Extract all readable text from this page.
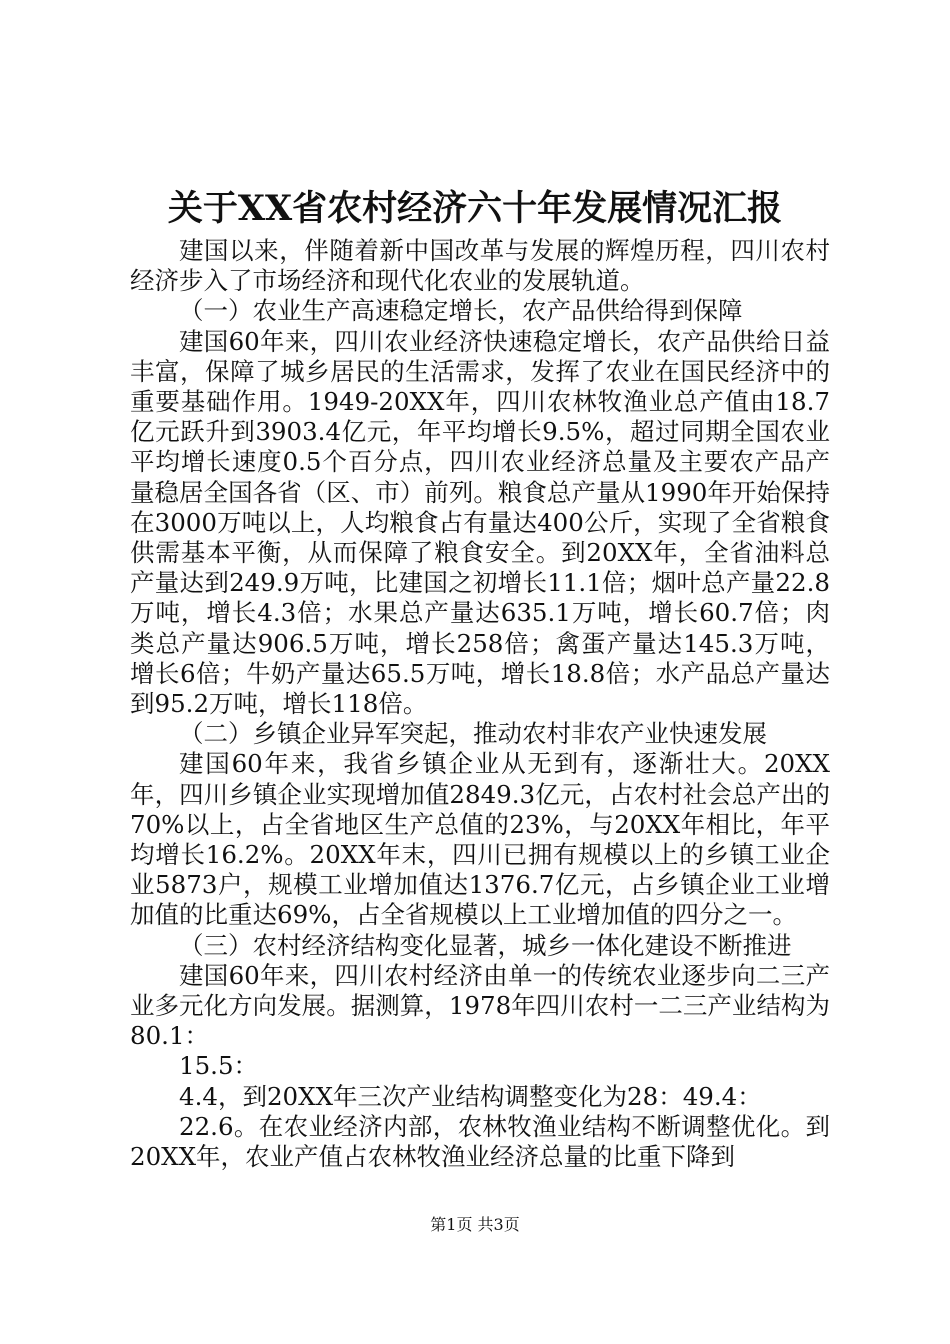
关于XX省农村经济六十年发展情况汇报

建国以来，伴随着新中国改革与发展的辉煌历程，四川农村经济步入了市场经济和现代化农业的发展轨道。

（一）农业生产高速稳定增长，农产品供给得到保障

建国60年来，四川农业经济快速稳定增长，农产品供给日益丰富，保障了城乡居民的生活需求，发挥了农业在国民经济中的重要基础作用。1949-20XX年，四川农林牧渔业总产值由18.7亿元跃升到3903.4亿元，年平均增长9.5%，超过同期全国农业平均增长速度0.5个百分点，四川农业经济总量及主要农产品产量稳居全国各省（区、市）前列。粮食总产量从1990年开始保持在3000万吨以上，人均粮食占有量达400公斤，实现了全省粮食供需基本平衡，从而保障了粮食安全。到20XX年，全省油料总产量达到249.9万吨，比建国之初增长11.1倍；烟叶总产量22.8万吨，增长4.3倍；水果总产量达635.1万吨，增长60.7倍；肉类总产量达906.5万吨，增长258倍；禽蛋产量达145.3万吨，增长6倍；牛奶产量达65.5万吨，增长18.8倍；水产品总产量达到95.2万吨，增长118倍。

（二）乡镇企业异军突起，推动农村非农产业快速发展

建国60年来，我省乡镇企业从无到有，逐渐壮大。20XX年，四川乡镇企业实现增加值2849.3亿元，占农村社会总产出的70%以上，占全省地区生产总值的23%，与20XX年相比，年平均增长16.2%。20XX年末，四川已拥有规模以上的乡镇工业企业5873户，规模工业增加值达1376.7亿元，占乡镇企业工业增加值的比重达69%，占全省规模以上工业增加值的四分之一。

（三）农村经济结构变化显著，城乡一体化建设不断推进

建国60年来，四川农村经济由单一的传统农业逐步向二三产业多元化方向发展。据测算，1978年四川农村一二三产业结构为80.1：

15.5：

4.4，到20XX年三次产业结构调整变化为28：49.4：

22.6。在农业经济内部，农林牧渔业结构不断调整优化。到20XX年，农业产值占农林牧渔业经济总量的比重下降到

第1页 共3页
